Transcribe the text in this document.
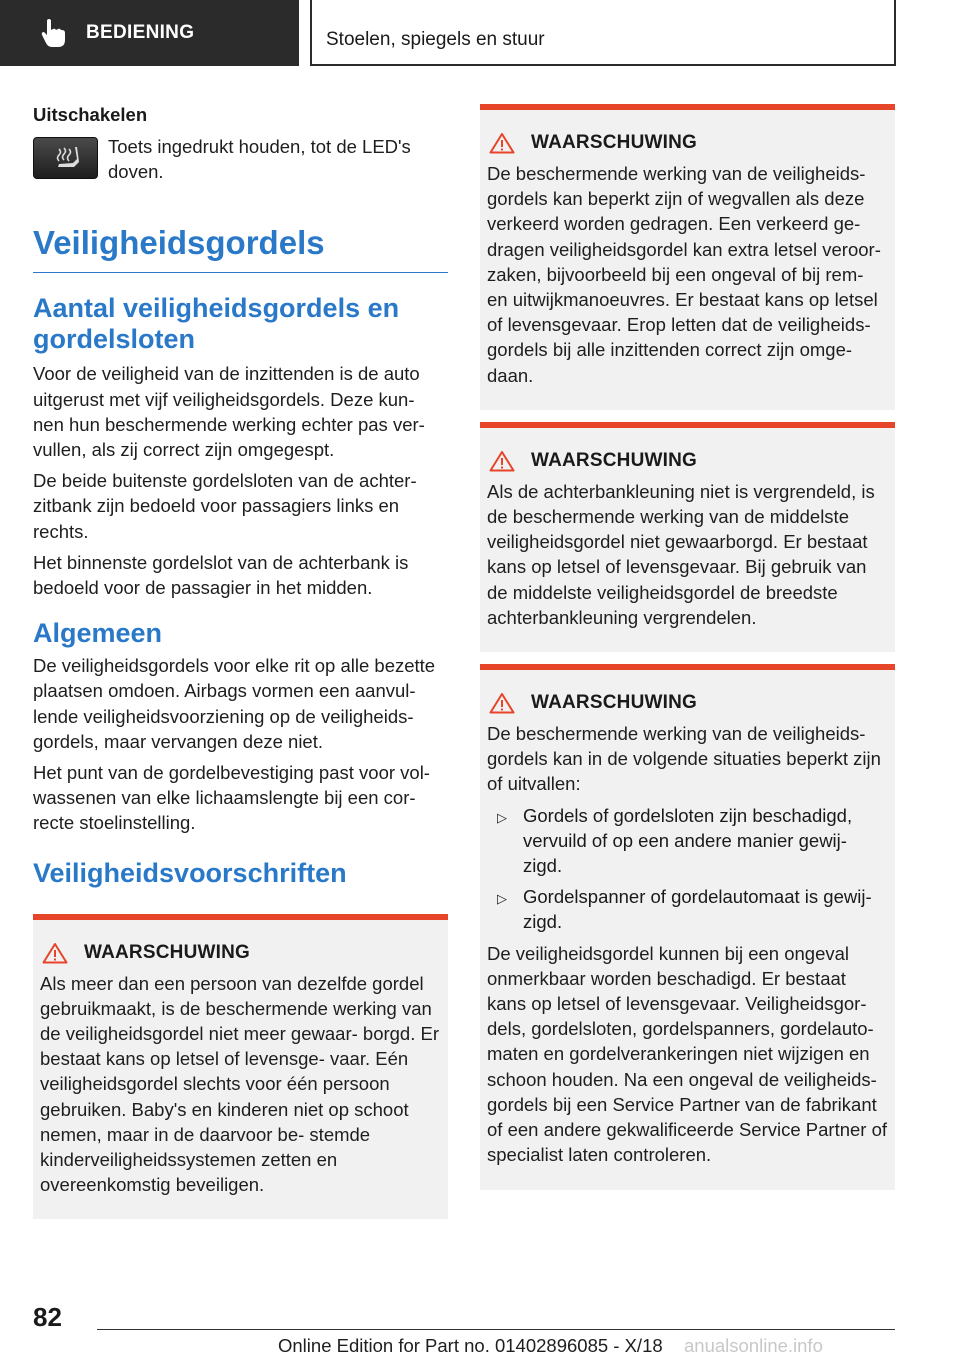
BEDIENING	Stoelen, spiegels en stuur
Uitschakelen

Toets ingedrukt houden, tot de LED's doven.

Veiligheidsgordels
Aantal veiligheidsgordels en gordelsloten

Voor de veiligheid van de inzittenden is de auto uitgerust met vijf veiligheidsgordels. Deze kun- nen hun beschermende werking echter pas ver- vullen, als zij correct zijn omgegespt.

De beide buitenste gordelsloten van de achter- zitbank zijn bedoeld voor passagiers links en rechts.

Het binnenste gordelslot van de achterbank is bedoeld voor de passagier in het midden.

Algemeen

De veiligheidsgordels voor elke rit op alle bezette plaatsen omdoen. Airbags vormen een aanvul- lende veiligheidsvoorziening op de veiligheids- gordels, maar vervangen deze niet.

Het punt van de gordelbevestiging past voor vol- wassenen van elke lichaamslengte bij een cor- recte stoelinstelling.

Veiligheidsvoorschriften
WAARSCHUWING

Als meer dan een persoon van dezelfde gordel gebruikmaakt, is de beschermende werking van de veiligheidsgordel niet meer gewaar- borgd. Er bestaat kans op letsel of levensge- vaar. Eén veiligheidsgordel slechts voor één persoon gebruiken. Baby's en kinderen niet op schoot nemen, maar in de daarvoor be- stemde kinderveiligheidssystemen zetten en overeenkomstig beveiligen.

WAARSCHUWING

De beschermende werking van de veiligheids- gordels kan beperkt zijn of wegvallen als deze verkeerd worden gedragen. Een verkeerd ge- dragen veiligheidsgordel kan extra letsel veroor- zaken, bijvoorbeeld bij een ongeval of bij rem- en uitwijkmanoeuvres. Er bestaat kans op letsel of levensgevaar. Erop letten dat de veiligheids- gordels bij alle inzittenden correct zijn omge- daan.

WAARSCHUWING

Als de achterbankleuning niet is vergrendeld, is de beschermende werking van de middelste veiligheidsgordel niet gewaarborgd. Er bestaat kans op letsel of levensgevaar. Bij gebruik van de middelste veiligheidsgordel de breedste achterbankleuning vergrendelen.

WAARSCHUWING

De beschermende werking van de veiligheids- gordels kan in de volgende situaties beperkt zijn of uitvallen:

▷ Gordels of gordelsloten zijn beschadigd, vervuild of op een andere manier gewij- zigd.
▷ Gordelspanner of gordelautomaat is gewij- zigd.

De veiligheidsgordel kunnen bij een ongeval onmerkbaar worden beschadigd. Er bestaat kans op letsel of levensgevaar. Veiligheidsgor- dels, gordelsloten, gordelspanners, gordelauto- maten en gordelverankeringen niet wijzigen en schoon houden. Na een ongeval de veiligheids- gordels bij een Service Partner van de fabrikant of een andere gekwalificeerde Service Partner of specialist laten controleren.

82
Online Edition for Part no. 01402896085 - X/18 anualsonline.info
